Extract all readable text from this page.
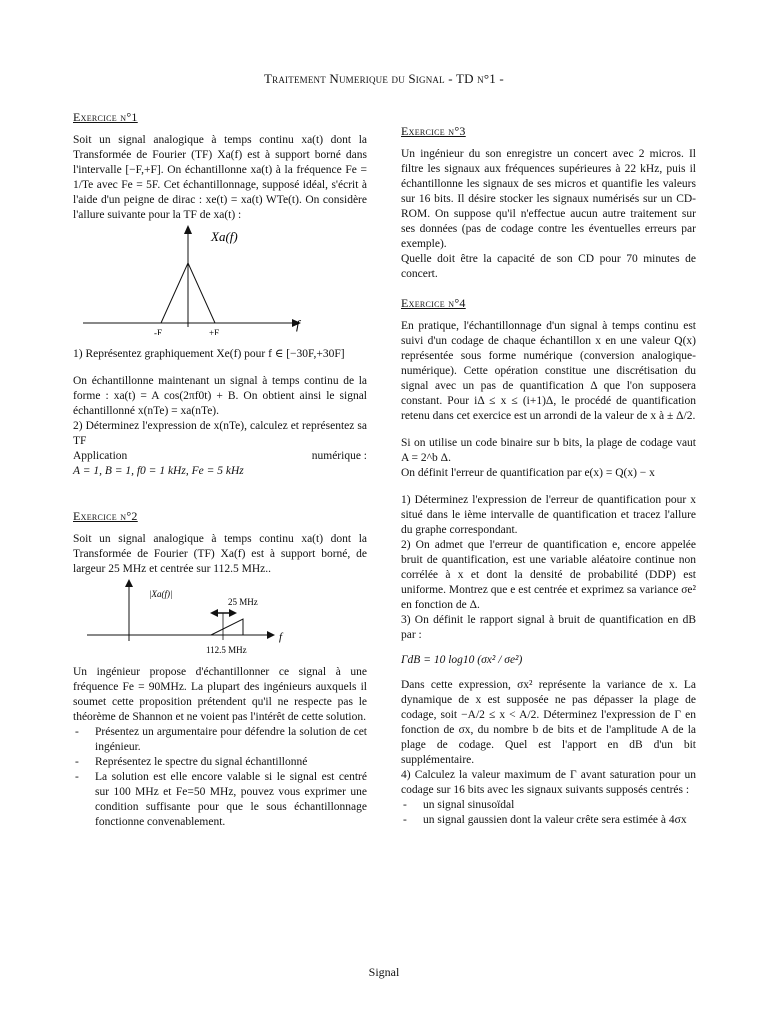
Traitement Numerique du Signal - TD n°1 -
Exercice n°1

Soit un signal analogique à temps continu xa(t) dont la Transformée de Fourier (TF) Xa(f) est à support borné dans l'intervalle [−F,+F]. On échantillonne xa(t) à la fréquence Fe = 1/Te avec Fe = 5F. Cet échantillonnage, supposé idéal, s'écrit à l'aide d'un peigne de dirac : xe(t) = xa(t) WTe(t). On considère l'allure suivante pour la TF de xa(t) :

Xa(f)
f
-F	+F

1) Représentez graphiquement Xe(f) pour f ∈ [−30F,+30F]

On échantillonne maintenant un signal à temps continu de la forme : xa(t) = A cos(2πf0t) + B. On obtient ainsi le signal échantillonné x(nTe) = xa(nTe).

2) Déterminez l'expression de x(nTe), calculez et représentez sa TF

Application	numérique :

A = 1, B = 1, f0 = 1 kHz, Fe = 5 kHz

Exercice n°2

Soit un signal analogique à temps continu xa(t) dont la Transformée de Fourier (TF) Xa(f) est à support borné, de largeur 25 MHz et centrée sur 112.5 MHz..

|Xa(f)|
25 MHz
112.5 MHz
f

Un ingénieur propose d'échantillonner ce signal à une fréquence Fe = 90MHz. La plupart des ingénieurs auxquels il soumet cette proposition prétendent qu'il ne respecte pas le théorème de Shannon et ne voient pas l'intérêt de cette solution.

- Présentez un argumentaire pour défendre la solution de cet ingénieur.
- Représentez le spectre du signal échantillonné
- La solution est elle encore valable si le signal est centré sur 100 MHz et Fe=50 MHz, pouvez vous exprimer une condition suffisante pour que le sous échantillonnage fonctionne convenablement.
Exercice n°3

Un ingénieur du son enregistre un concert avec 2 micros. Il filtre les signaux aux fréquences supérieures à 22 kHz, puis il échantillonne les signaux de ses micros et quantifie les valeurs sur 16 bits. Il désire stocker les signaux numérisés sur un CD-ROM. On suppose qu'il n'effectue aucun autre traitement sur ses données (pas de codage contre les éventuelles erreurs par exemple).

Quelle doit être la capacité de son CD pour 70 minutes de concert.

Exercice n°4

En pratique, l'échantillonnage d'un signal à temps continu est suivi d'un codage de chaque échantillon x en une valeur Q(x) représentée sous forme numérique (conversion analogique-numérique). Cette opération constitue une discrétisation du signal avec un pas de quantification Δ que l'on supposera constant. Pour iΔ ≤ x ≤ (i+1)Δ, le procédé de quantification retenu dans cet exercice est un arrondi de la valeur de x à ± Δ/2.

Si on utilise un code binaire sur b bits, la plage de codage vaut A = 2^b Δ.

On définit l'erreur de quantification par e(x) = Q(x) − x

1) Déterminez l'expression de l'erreur de quantification pour x situé dans le ième intervalle de quantification et tracez l'allure du graphe correspondant.

2) On admet que l'erreur de quantification e, encore appelée bruit de quantification, est une variable aléatoire continue non corrélée à x et dont la densité de probabilité (DDP) est uniforme. Montrez que e est centrée et exprimez sa variance σe² en fonction de Δ.

3) On définit le rapport signal à bruit de quantification en dB par :

ΓdB = 10 log10 (σx² / σe²)

Dans cette expression, σx² représente la variance de x. La dynamique de x est supposée ne pas dépasser la plage de codage, soit −A/2 ≤ x < A/2. Déterminez l'expression de Γ en fonction de σx, du nombre b de bits et de l'amplitude A de la plage de codage. Quel est l'apport en dB d'un bit supplémentaire.

4) Calculez la valeur maximum de Γ avant saturation pour un codage sur 16 bits avec les signaux suivants supposés centrés :

- un signal sinusoïdal
- un signal gaussien dont la valeur crête sera estimée à 4σx
Signal
